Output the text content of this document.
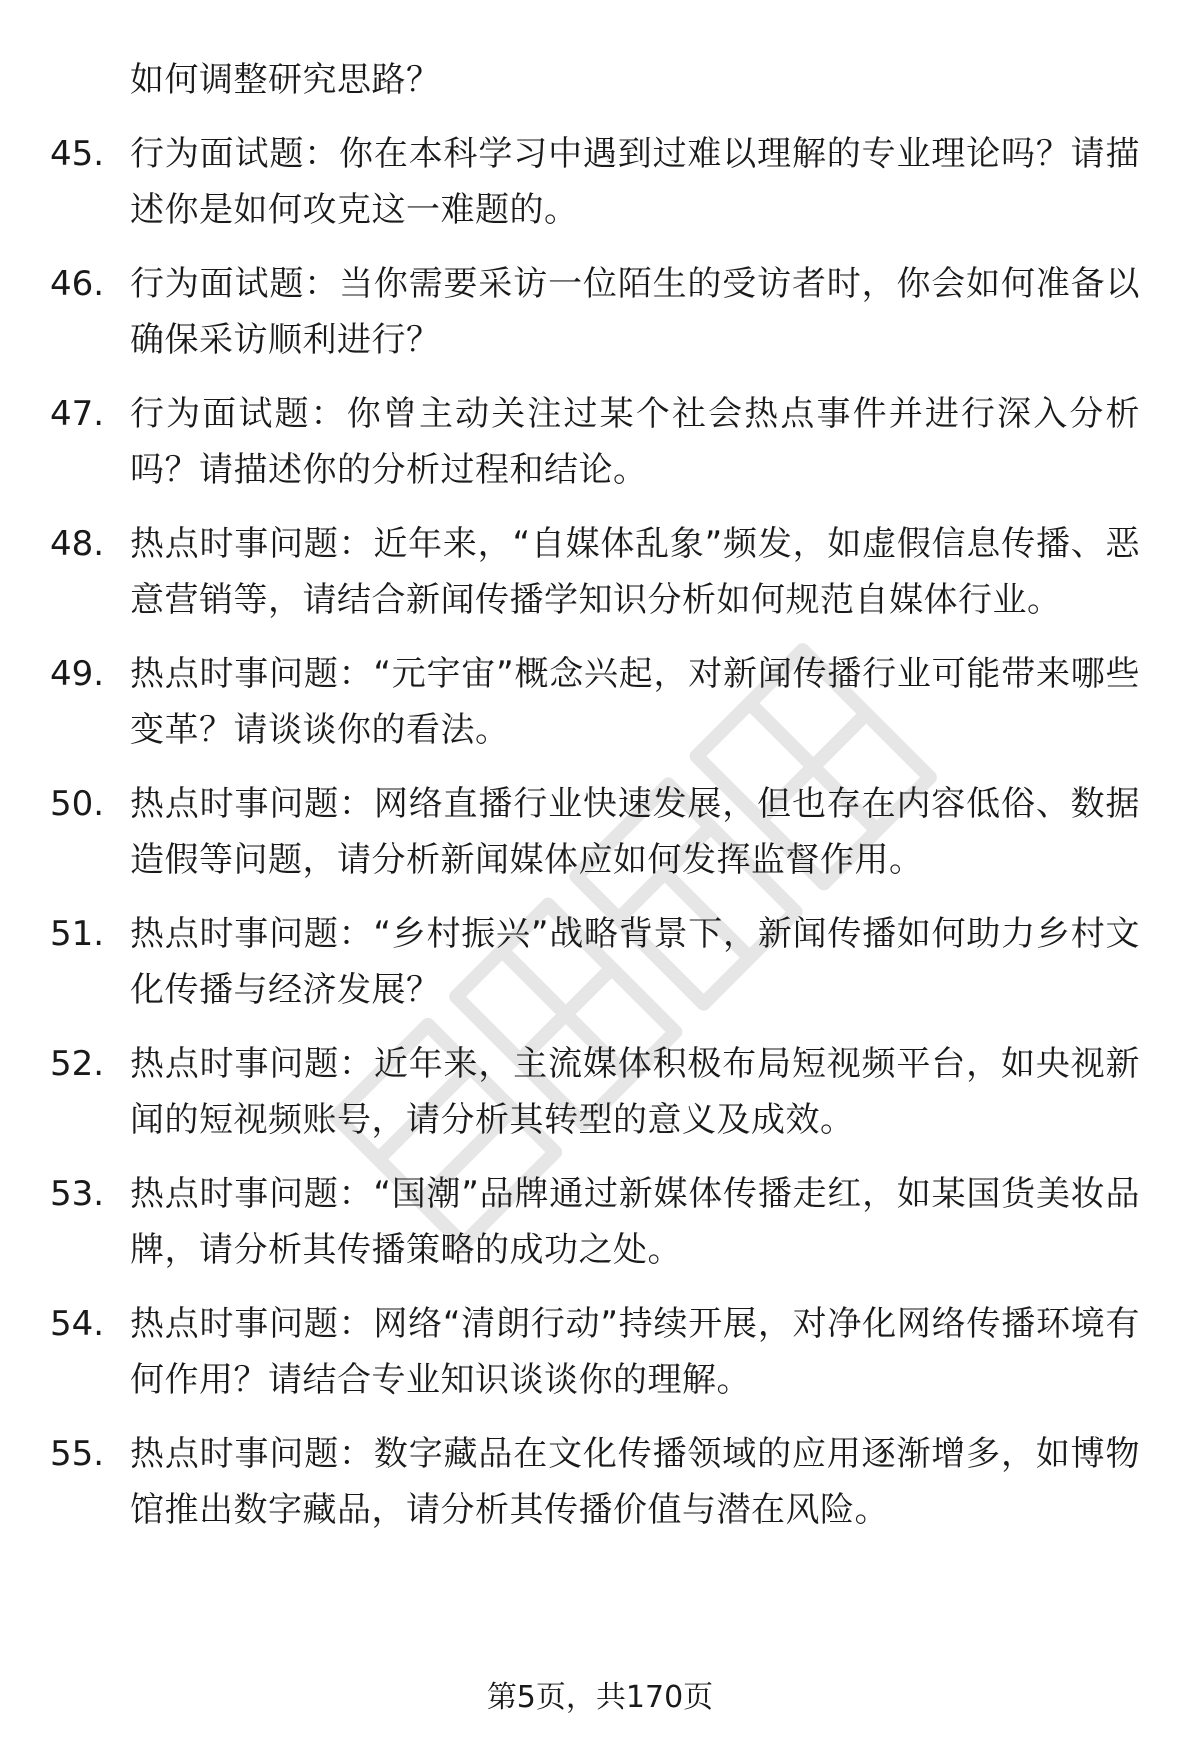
如何调整研究思路？
45. 行为面试题：你在本科学习中遇到过难以理解的专业理论吗？请描述你是如何攻克这一难题的。
46. 行为面试题：当你需要采访一位陌生的受访者时，你会如何准备以确保采访顺利进行？
47. 行为面试题：你曾主动关注过某个社会热点事件并进行深入分析吗？请描述你的分析过程和结论。
48. 热点时事问题：近年来，“自媒体乱象”频发，如虚假信息传播、恶意营销等，请结合新闻传播学知识分析如何规范自媒体行业。
49. 热点时事问题：“元宇宙”概念兴起，对新闻传播行业可能带来哪些变革？请谈谈你的看法。
50. 热点时事问题：网络直播行业快速发展，但也存在内容低俗、数据造假等问题，请分析新闻媒体应如何发挥监督作用。
51. 热点时事问题：“乡村振兴”战略背景下，新闻传播如何助力乡村文化传播与经济发展？
52. 热点时事问题：近年来，主流媒体积极布局短视频平台，如央视新闻的短视频账号，请分析其转型的意义及成效。
53. 热点时事问题：“国潮”品牌通过新媒体传播走红，如某国货美妆品牌，请分析其传播策略的成功之处。
54. 热点时事问题：网络“清朗行动”持续开展，对净化网络传播环境有何作用？请结合专业知识谈谈你的理解。
55. 热点时事问题：数字藏品在文化传播领域的应用逐渐增多，如博物馆推出数字藏品，请分析其传播价值与潜在风险。
第5页，共170页
